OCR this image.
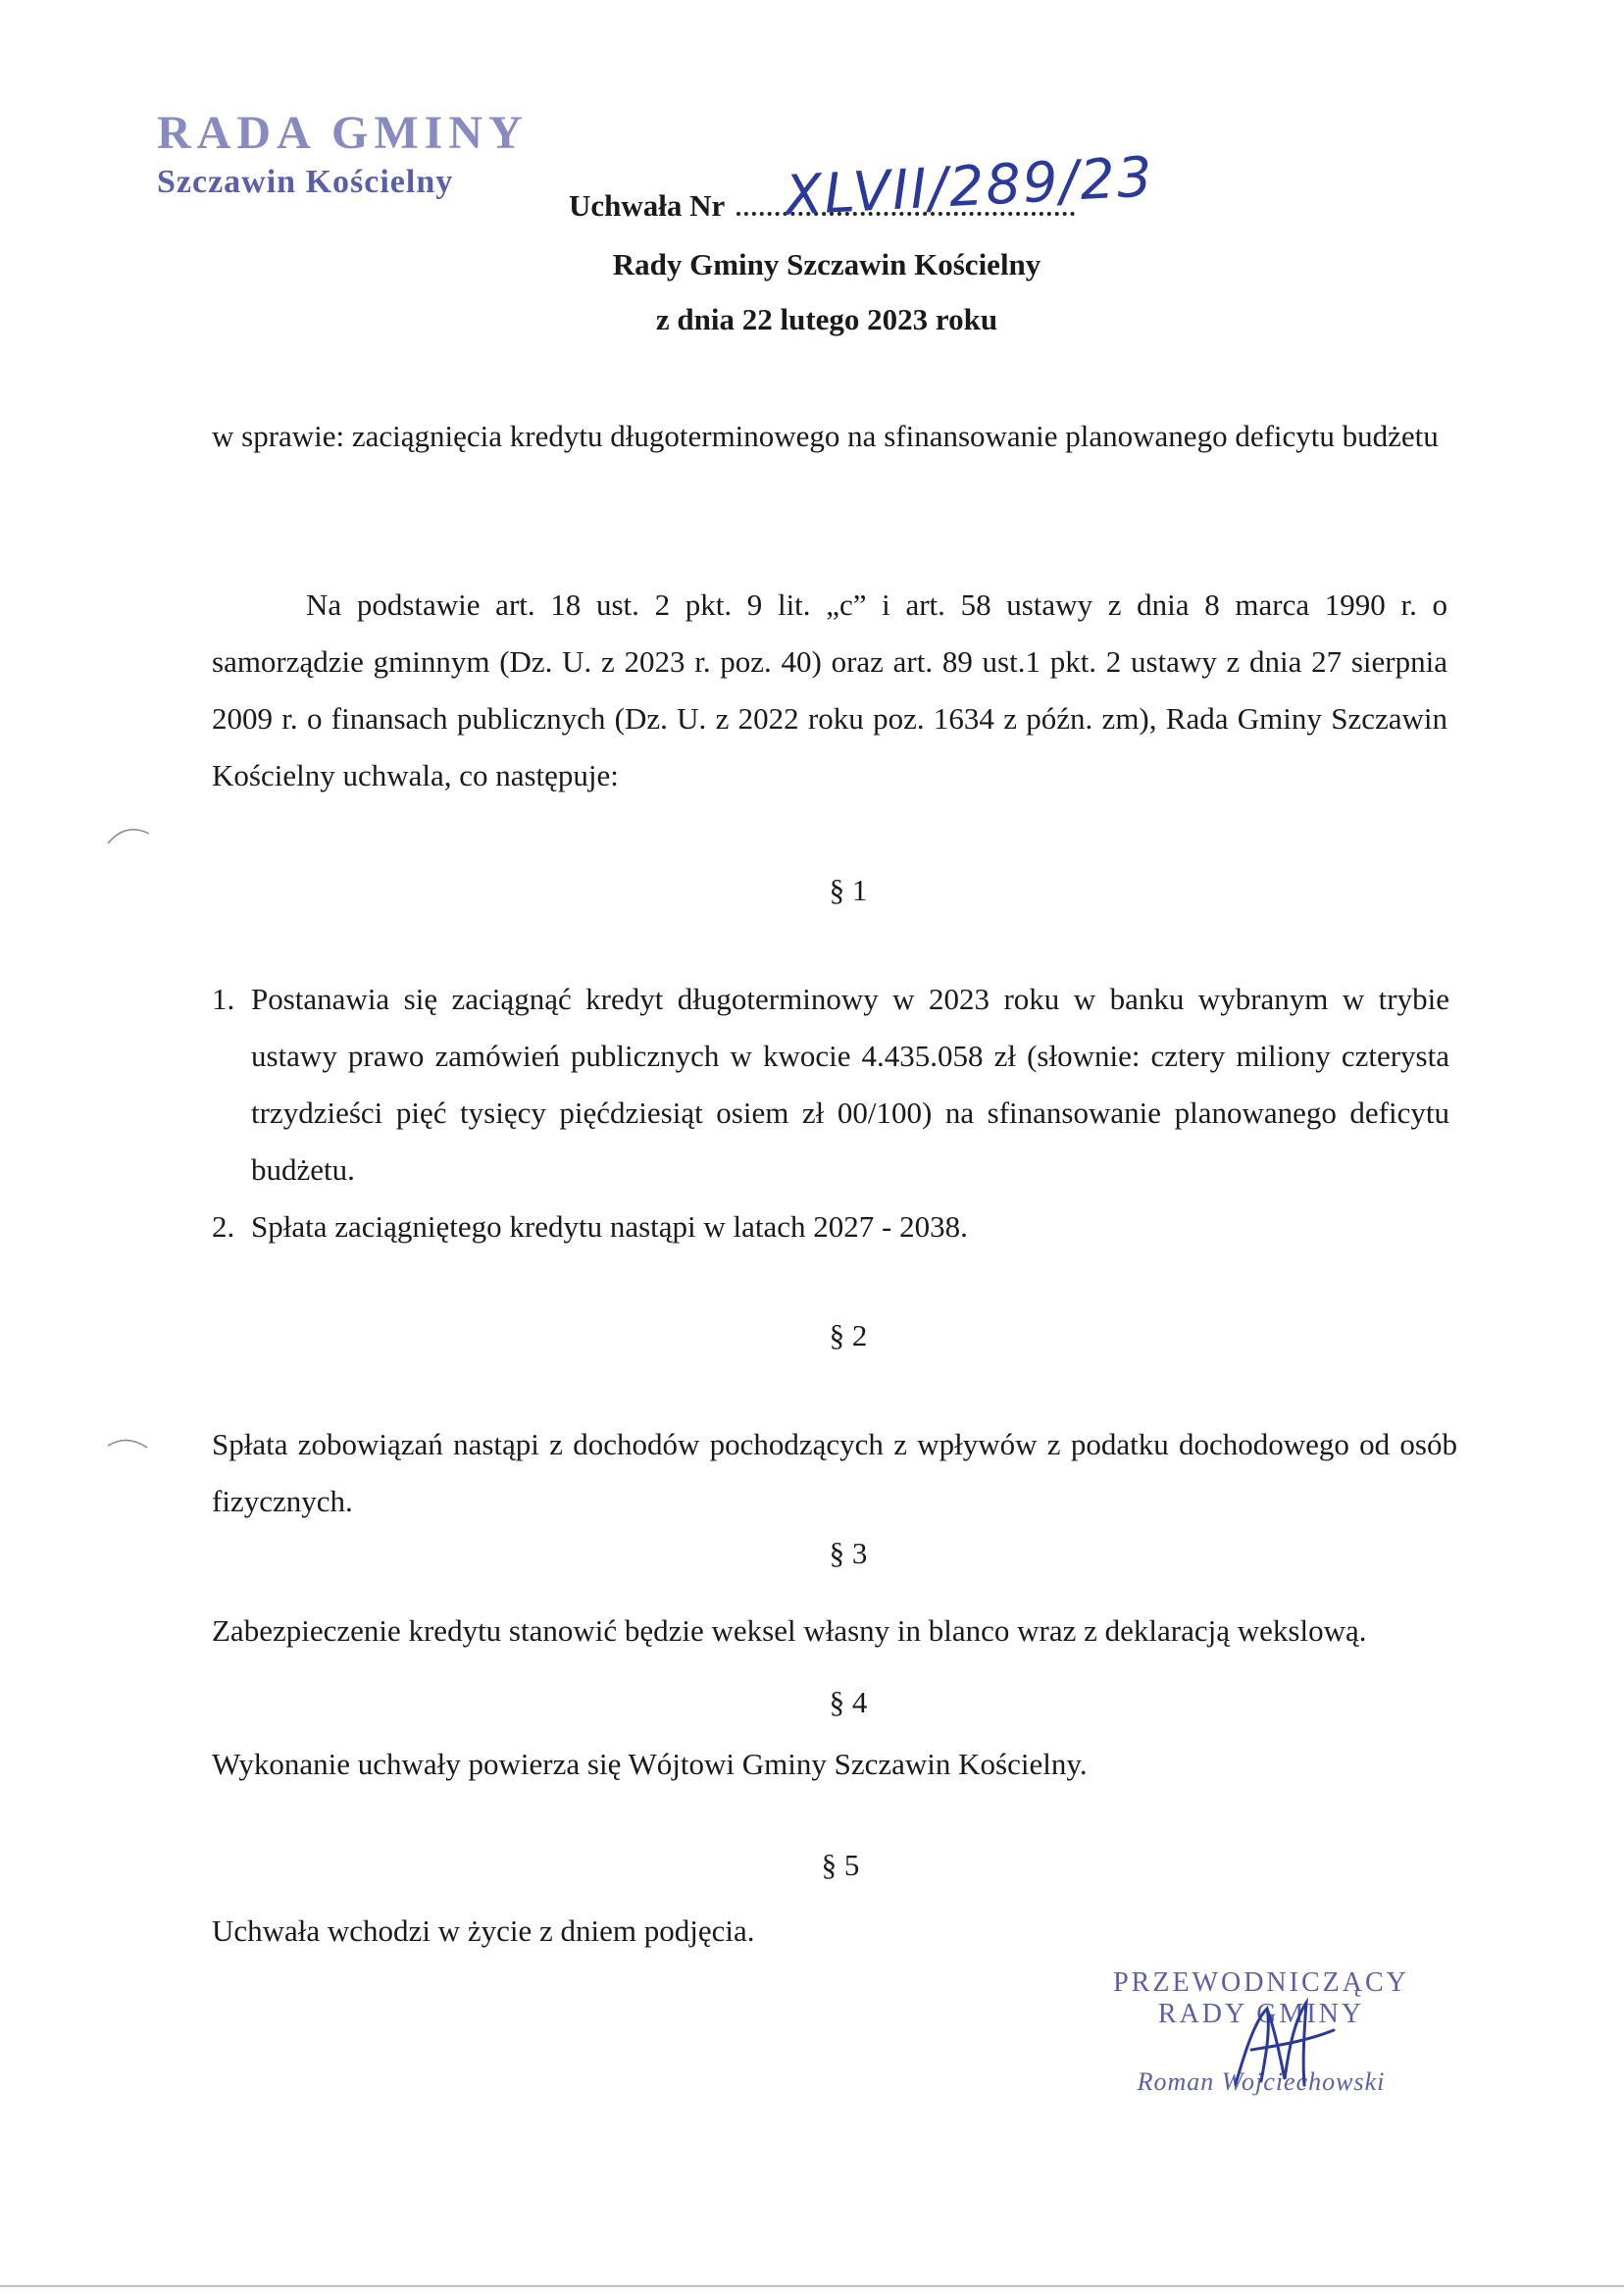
RADA GMINY
Szczawin Kościelny
Uchwała Nr	XLVII/289/23
Rady Gminy Szczawin Kościelny
z dnia 22 lutego 2023 roku
w sprawie: zaciągnięcia kredytu długoterminowego na sfinansowanie planowanego deficytu budżetu
Na podstawie art. 18 ust. 2 pkt. 9 lit. „c” i art. 58 ustawy z dnia 8 marca 1990 r. o samorządzie gminnym (Dz. U. z 2023 r. poz. 40) oraz art. 89 ust.1 pkt. 2 ustawy z dnia 27 sierpnia 2009 r. o finansach publicznych (Dz. U. z 2022 roku poz. 1634 z późn. zm), Rada Gminy Szczawin Kościelny uchwala, co następuje:
§ 1
1. Postanawia się zaciągnąć kredyt długoterminowy w 2023 roku w banku wybranym w trybie ustawy prawo zamówień publicznych w kwocie 4.435.058 zł (słownie: cztery miliony czterysta trzydzieści pięć tysięcy pięćdziesiąt osiem zł 00/100) na sfinansowanie planowanego deficytu budżetu.
2. Spłata zaciągniętego kredytu nastąpi w latach 2027 - 2038.
§ 2
Spłata zobowiązań nastąpi z dochodów pochodzących z wpływów z podatku dochodowego od osób fizycznych.
§ 3
Zabezpieczenie kredytu stanowić będzie weksel własny in blanco wraz z deklaracją wekslową.
§ 4
Wykonanie uchwały powierza się Wójtowi Gminy Szczawin Kościelny.
§ 5
Uchwała wchodzi w życie z dniem podjęcia.
PRZEWODNICZĄCY
RADY GMINY
Roman Wojciechowski
